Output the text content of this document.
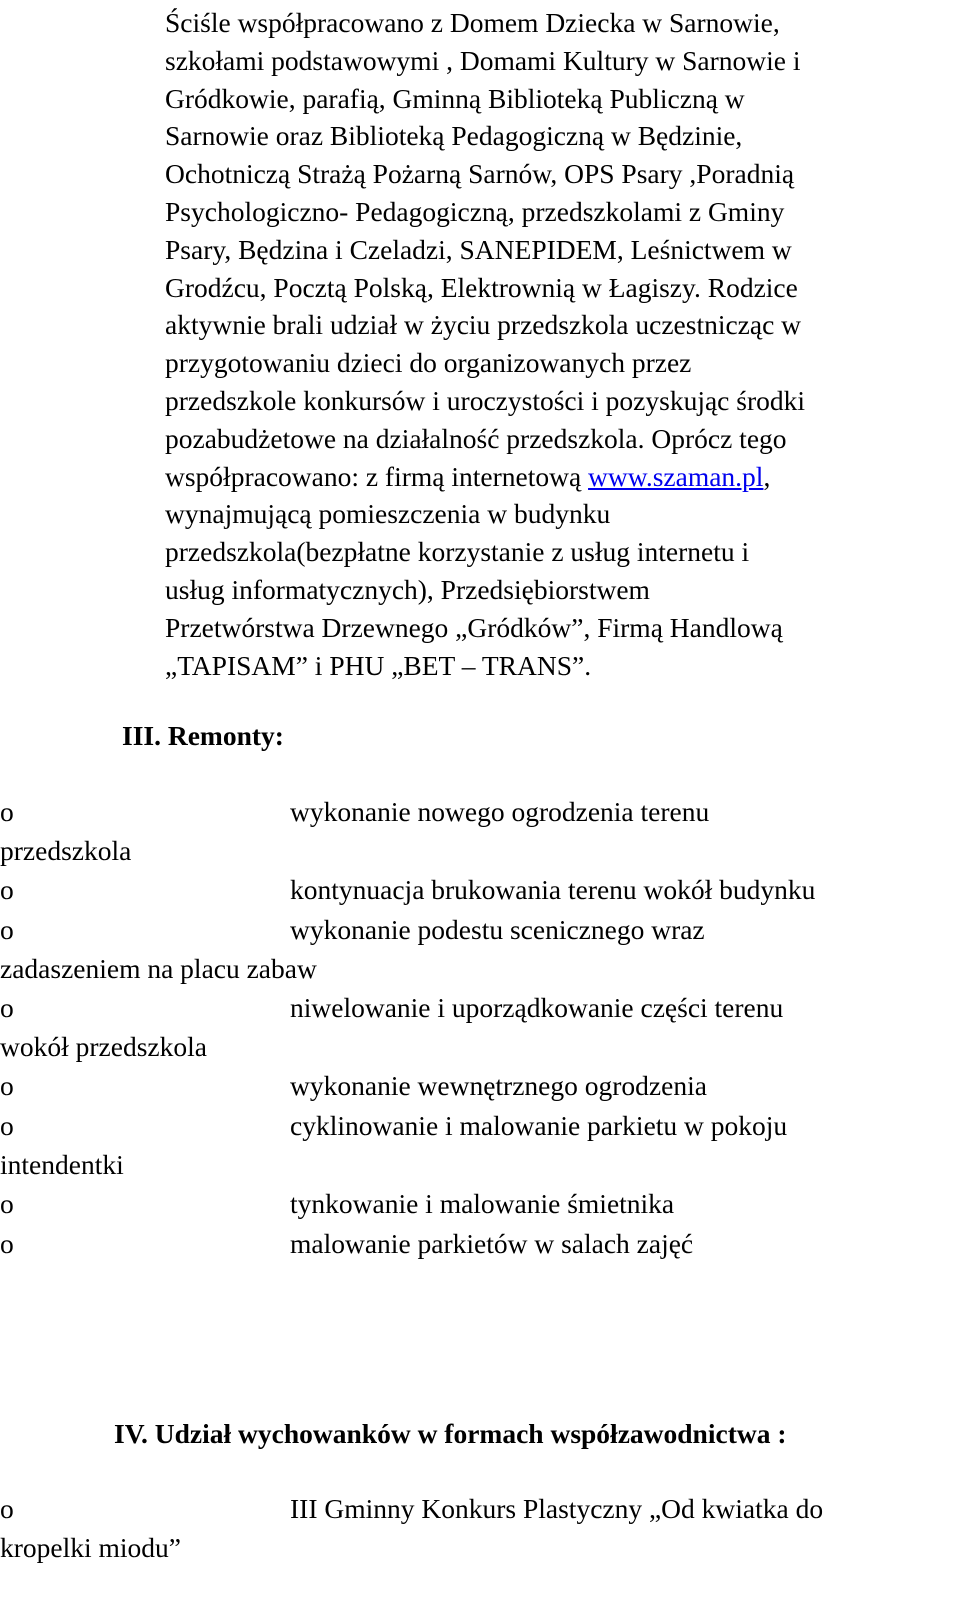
Ściśle współpracowano z Domem Dziecka w Sarnowie,
szkołami podstawowymi , Domami Kultury w Sarnowie i
Gródkowie, parafią, Gminną Biblioteką Publiczną w
Sarnowie oraz Biblioteką Pedagogiczną w Będzinie,
Ochotniczą Strażą Pożarną Sarnów, OPS Psary ,Poradnią
Psychologiczno- Pedagogiczną, przedszkolami z Gminy
Psary, Będzina i Czeladzi, SANEPIDEM, Leśnictwem w
Grodźcu, Pocztą Polską, Elektrownią w Łagiszy. Rodzice
aktywnie brali udział w życiu przedszkola uczestnicząc w
przygotowaniu dzieci do organizowanych przez
przedszkole konkursów i uroczystości i pozyskując środki
pozabudżetowe na działalność przedszkola. Oprócz tego
współpracowano: z firmą internetową www.szaman.pl,
wynajmującą pomieszczenia w budynku
przedszkola(bezpłatne korzystanie z usług internetu i
usług informatycznych), Przedsiębiorstwem
Przetwórstwa Drzewnego „Gródków”, Firmą Handlową
„TAPISAM” i PHU „BET – TRANS”.

III. Remonty:
o	wykonanie nowego ogrodzenia terenu
przedszkola
o	kontynuacja brukowania terenu wokół budynku
o	wykonanie podestu scenicznego wraz
zadaszeniem na placu zabaw
o	niwelowanie i uporządkowanie części terenu
wokół przedszkola
o	wykonanie wewnętrznego ogrodzenia
o	cyklinowanie i malowanie parkietu w pokoju
intendentki
o	tynkowanie i malowanie śmietnika
o	malowanie parkietów w salach zajęć
IV. Udział wychowanków w formach współzawodnictwa :
o	III Gminny Konkurs Plastyczny „Od kwiatka do
kropelki miodu”
